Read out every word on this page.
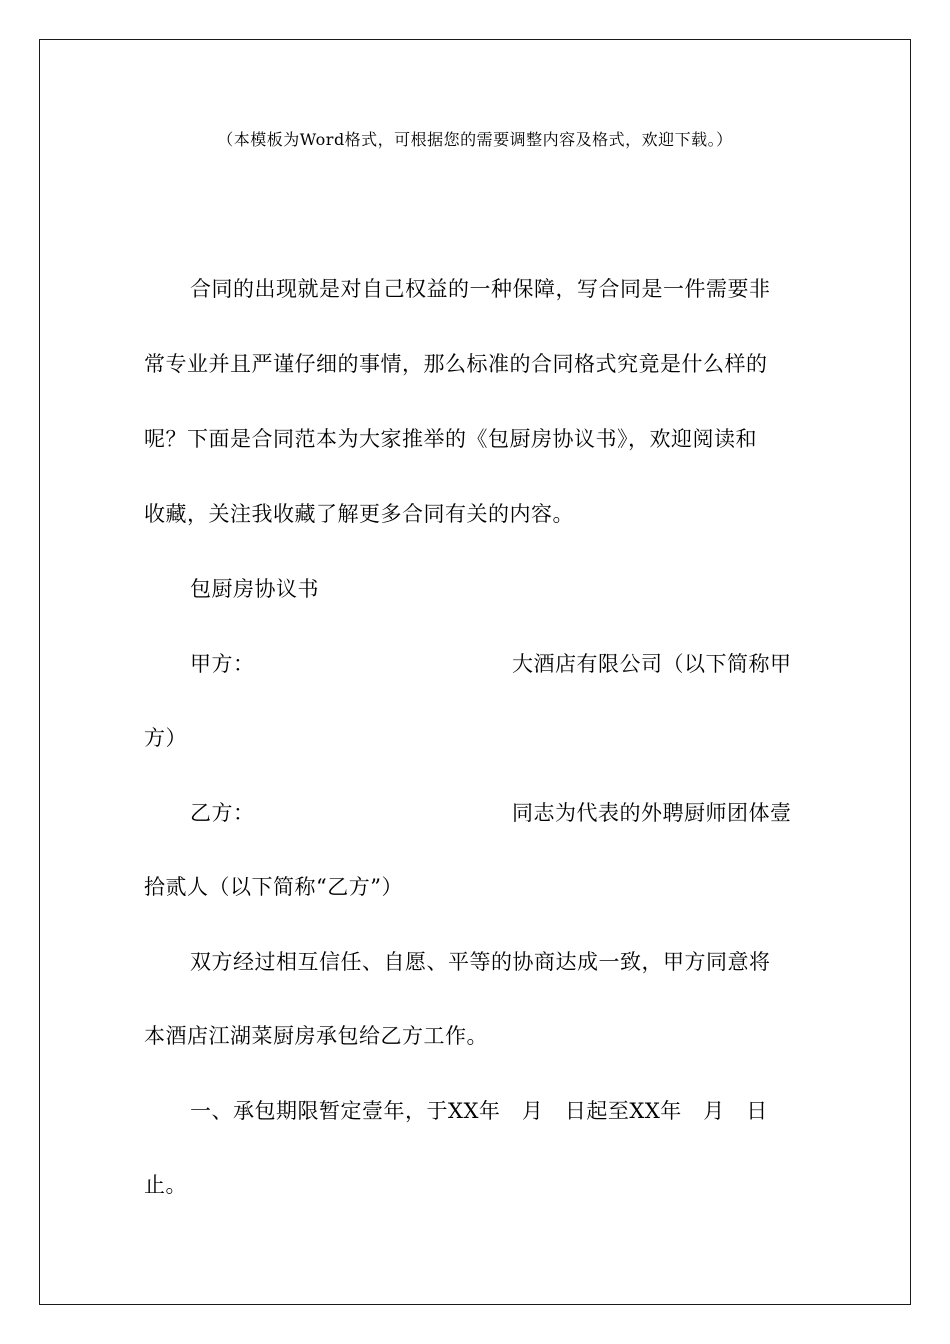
（本模板为Word格式，可根据您的需要调整内容及格式，欢迎下载。）
合同的出现就是对自己权益的一种保障，写合同是一件需要非
常专业并且严谨仔细的事情，那么标准的合同格式究竟是什么样的
呢？下面是合同范本为大家推举的《包厨房协议书》，欢迎阅读和
收藏，关注我收藏了解更多合同有关的内容。
包厨房协议书
甲方：	大酒店有限公司（以下简称甲
方）
乙方：	同志为代表的外聘厨师团体壹
拾贰人（以下简称“乙方”）
双方经过相互信任、自愿、平等的协商达成一致，甲方同意将
本酒店江湖菜厨房承包给乙方工作。
一、承包期限暂定壹年，于XX年　月　日起至XX年　月　日
止。
